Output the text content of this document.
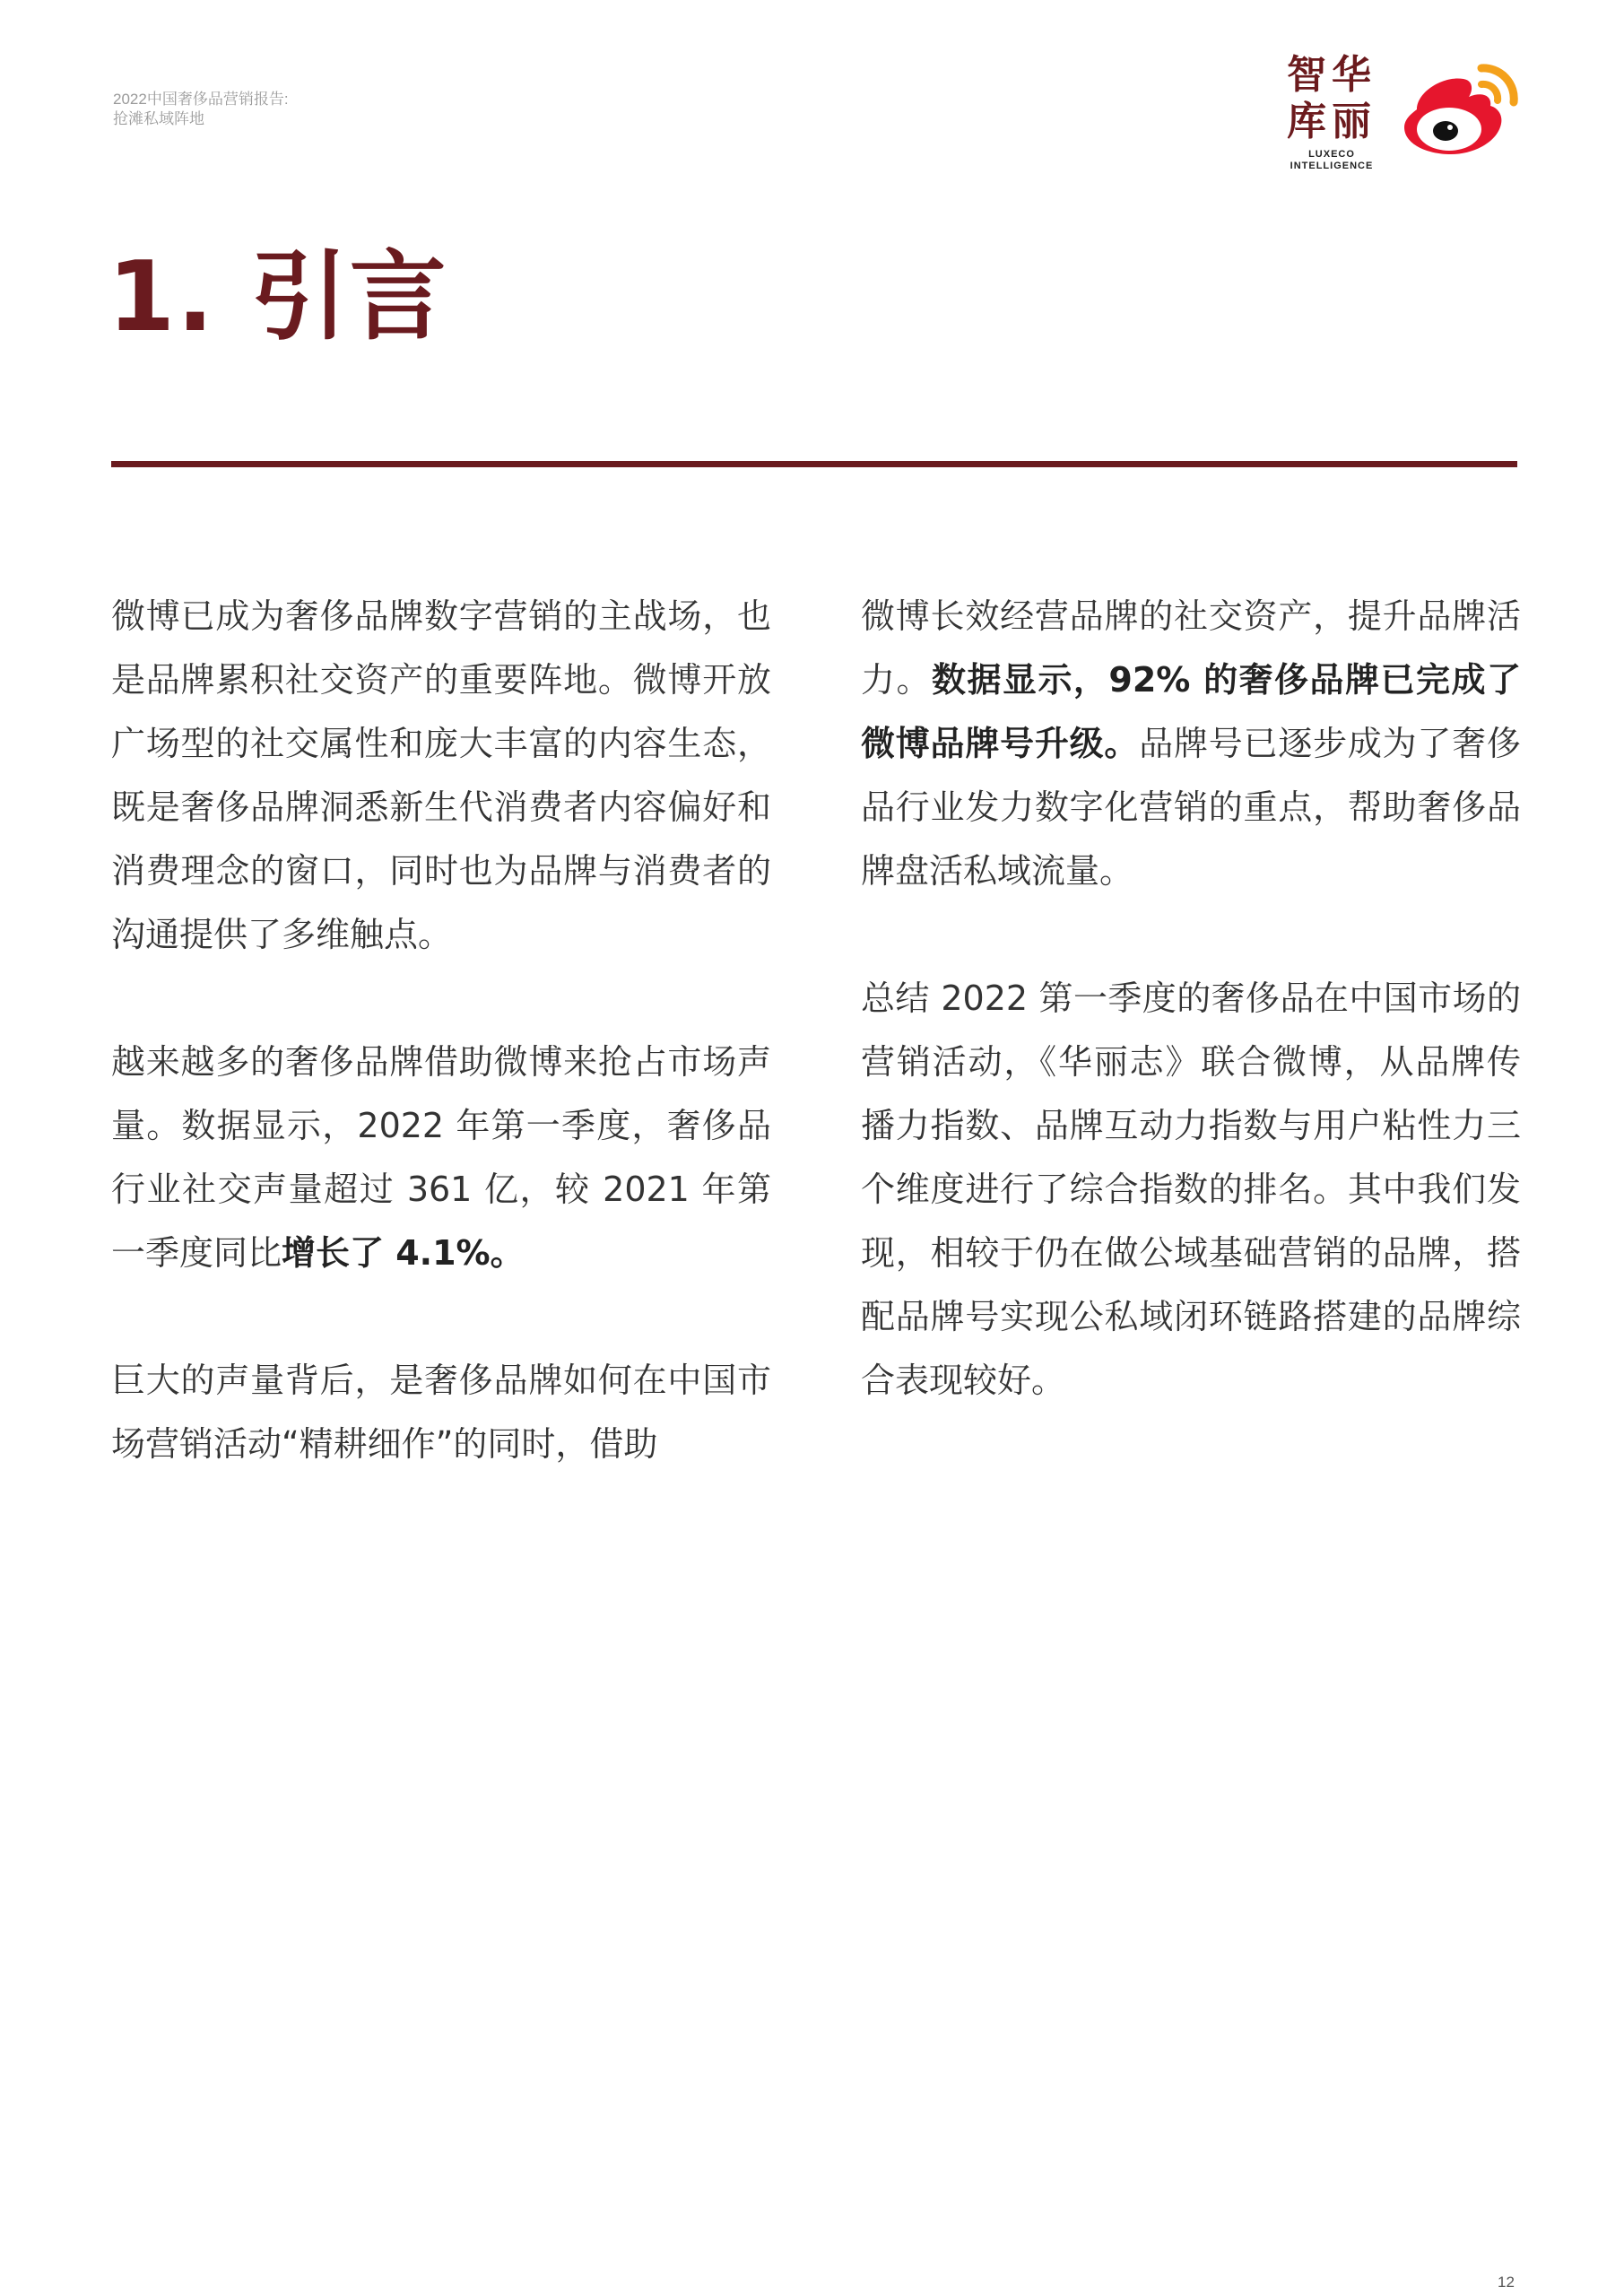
2022中国奢侈品营销报告:
抢滩私域阵地
智华
库丽
LUXECO
INTELLIGENCE
1. 引言

微博已成为奢侈品牌数字营销的主战场，也是品牌累积社交资产的重要阵地。微博开放广场型的社交属性和庞大丰富的内容生态，既是奢侈品牌洞悉新生代消费者内容偏好和消费理念的窗口，同时也为品牌与消费者的沟通提供了多维触点。

越来越多的奢侈品牌借助微博来抢占市场声量。数据显示，2022 年第一季度，奢侈品行业社交声量超过 361 亿，较 2021 年第一季度同比增长了 4.1%。

巨大的声量背后，是奢侈品牌如何在中国市场营销活动“精耕细作”的同时，借助

微博长效经营品牌的社交资产，提升品牌活力。数据显示，92% 的奢侈品牌已完成了微博品牌号升级。品牌号已逐步成为了奢侈品行业发力数字化营销的重点，帮助奢侈品牌盘活私域流量。

总结 2022 第一季度的奢侈品在中国市场的营销活动，《华丽志》联合微博，从品牌传播力指数、品牌互动力指数与用户粘性力三个维度进行了综合指数的排名。其中我们发现，相较于仍在做公域基础营销的品牌，搭配品牌号实现公私域闭环链路搭建的品牌综合表现较好。

12
